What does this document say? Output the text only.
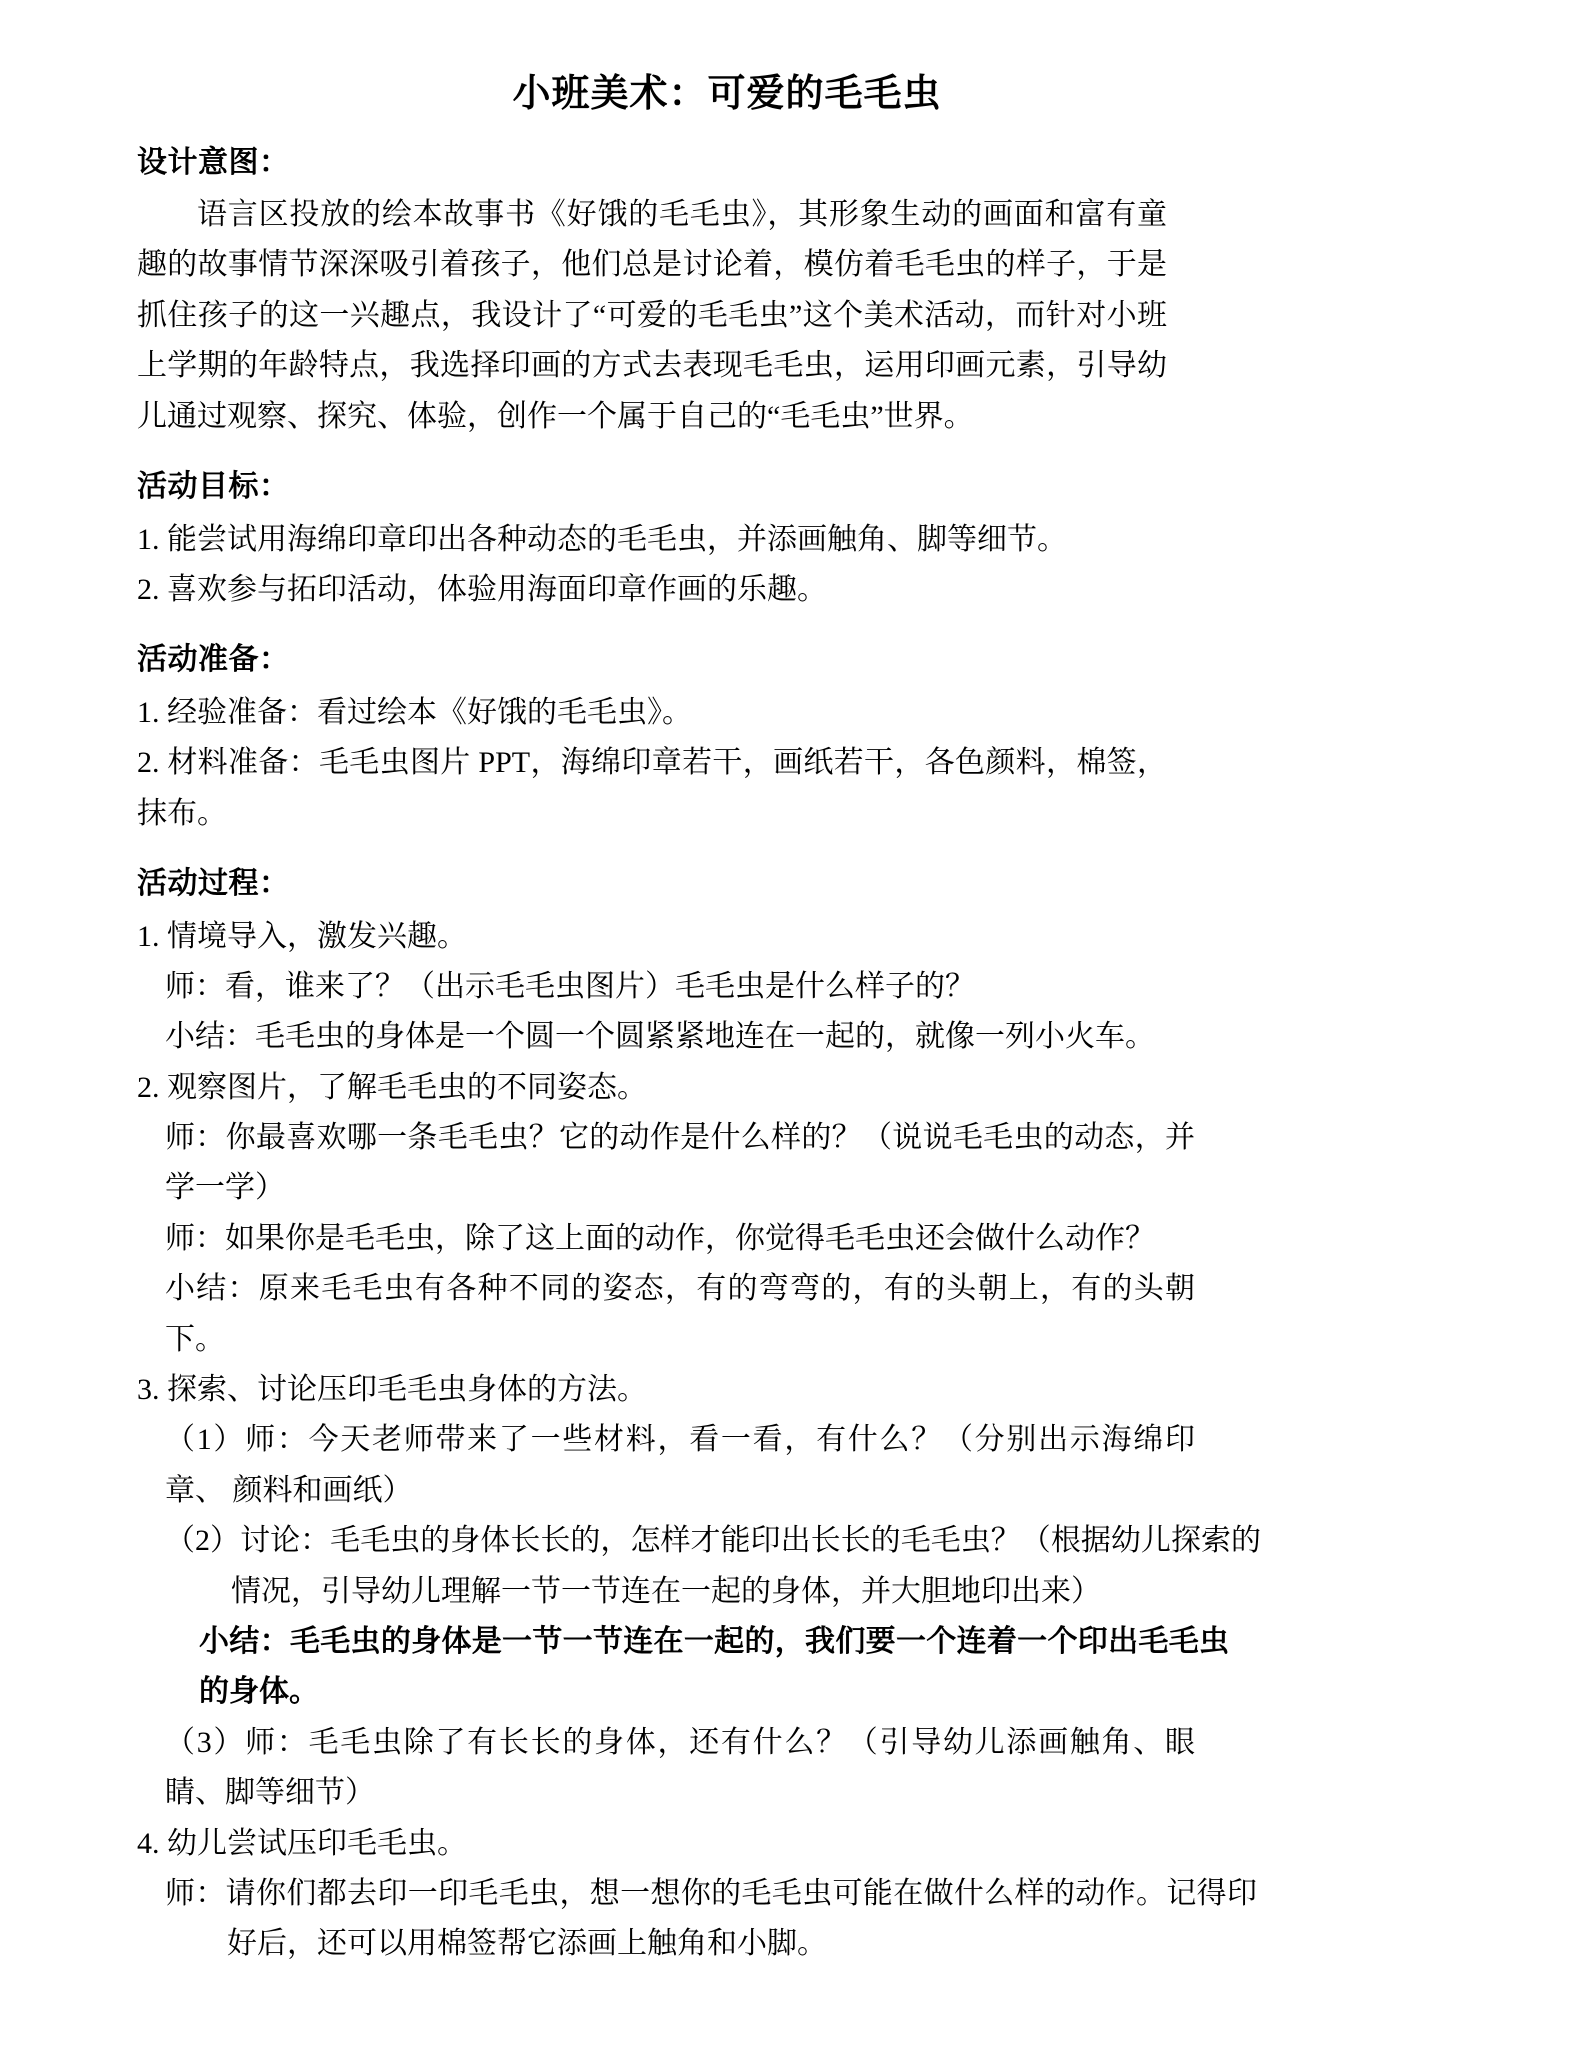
小班美术：可爱的毛毛虫
设计意图：

语言区投放的绘本故事书《好饿的毛毛虫》，其形象生动的画面和富有童趣的故事情节深深吸引着孩子，他们总是讨论着，模仿着毛毛虫的样子，于是抓住孩子的这一兴趣点，我设计了“可爱的毛毛虫”这个美术活动，而针对小班上学期的年龄特点，我选择印画的方式去表现毛毛虫，运用印画元素，引导幼儿通过观察、探究、体验，创作一个属于自己的“毛毛虫”世界。

活动目标：

1. 能尝试用海绵印章印出各种动态的毛毛虫，并添画触角、脚等细节。

2. 喜欢参与拓印活动，体验用海面印章作画的乐趣。

活动准备：

1. 经验准备：看过绘本《好饿的毛毛虫》。

2. 材料准备：毛毛虫图片 PPT，海绵印章若干，画纸若干，各色颜料，棉签，抹布。

活动过程：

1. 情境导入，激发兴趣。

师：看，谁来了？（出示毛毛虫图片）毛毛虫是什么样子的？

小结：毛毛虫的身体是一个圆一个圆紧紧地连在一起的，就像一列小火车。

2. 观察图片，了解毛毛虫的不同姿态。

师：你最喜欢哪一条毛毛虫？它的动作是什么样的？（说说毛毛虫的动态，并学一学）

师：如果你是毛毛虫，除了这上面的动作，你觉得毛毛虫还会做什么动作？

小结：原来毛毛虫有各种不同的姿态，有的弯弯的，有的头朝上，有的头朝下。

3. 探索、讨论压印毛毛虫身体的方法。

（1）师：今天老师带来了一些材料，看一看，有什么？（分别出示海绵印章、 颜料和画纸）

（2）讨论：毛毛虫的身体长长的，怎样才能印出长长的毛毛虫？（根据幼儿探索的情况，引导幼儿理解一节一节连在一起的身体，并大胆地印出来）

小结：毛毛虫的身体是一节一节连在一起的，我们要一个连着一个印出毛毛虫的身体。

（3）师：毛毛虫除了有长长的身体，还有什么？（引导幼儿添画触角、眼睛、脚等细节）

4. 幼儿尝试压印毛毛虫。

师：请你们都去印一印毛毛虫，想一想你的毛毛虫可能在做什么样的动作。记得印好后，还可以用棉签帮它添画上触角和小脚。
